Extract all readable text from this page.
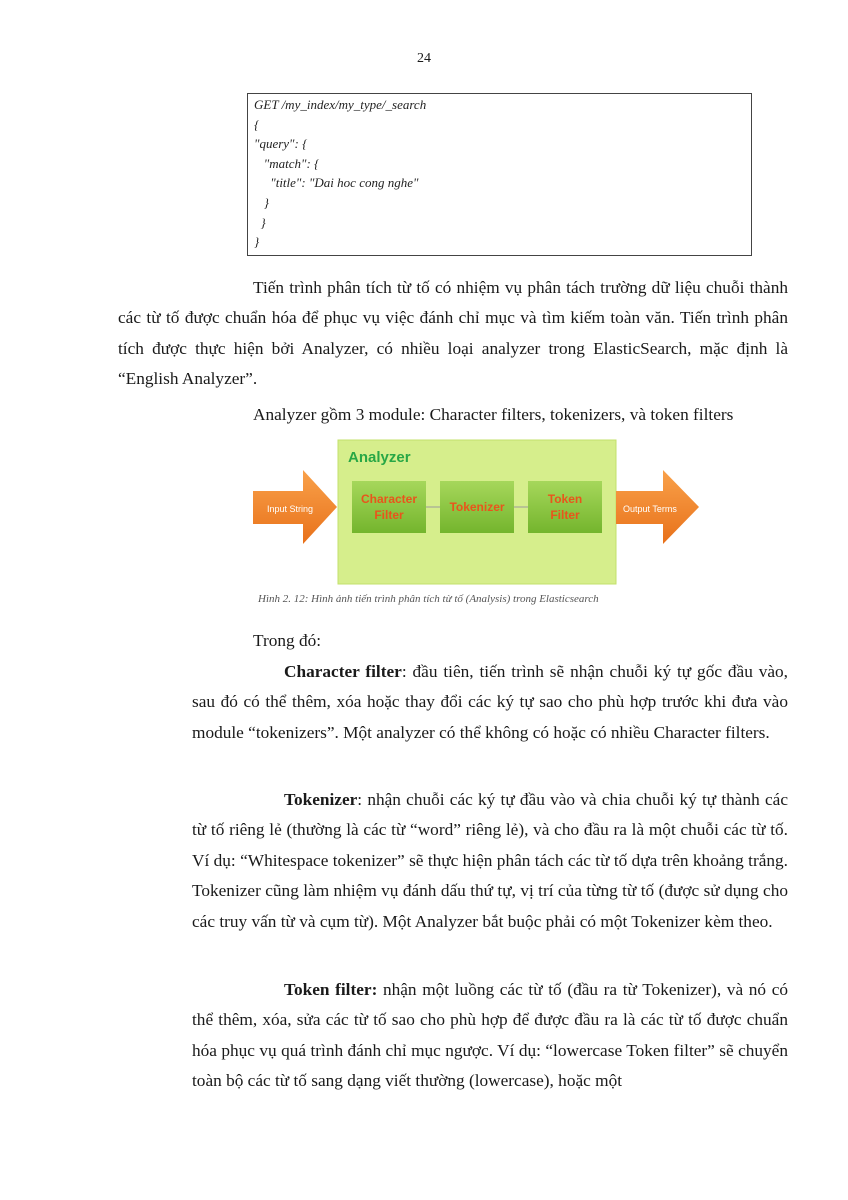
24
GET /my_index/my_type/_search
{
"query": {
"match": {
"title": "Dai hoc cong nghe"
}
}
}

Tiến trình phân tích từ tố có nhiệm vụ phân tách trường dữ liệu chuỗi thành các từ tố được chuẩn hóa để phục vụ việc đánh chỉ mục và tìm kiếm toàn văn. Tiến trình phân tích được thực hiện bởi Analyzer, có nhiều loại analyzer trong ElasticSearch, mặc định là “English Analyzer”.

Analyzer gồm 3 module: Character filters, tokenizers, và token filters

Analyzer
Input String	Output Terms
Character
Filter
Tokenizer
Token
Filter
Hình 2. 12: Hình ảnh tiến trình phân tích từ tố (Analysis) trong Elasticsearch

Trong đó:

Character filter: đầu tiên, tiến trình sẽ nhận chuỗi ký tự gốc đầu vào, sau đó có thể thêm, xóa hoặc thay đổi các ký tự sao cho phù hợp trước khi đưa vào module “tokenizers”. Một analyzer có thể không có hoặc có nhiều Character filters.

Tokenizer: nhận chuỗi các ký tự đầu vào và chia chuỗi ký tự thành các từ tố riêng lẻ (thường là các từ “word” riêng lẻ), và cho đầu ra là một chuỗi các từ tố. Ví dụ: “Whitespace tokenizer” sẽ thực hiện phân tách các từ tố dựa trên khoảng trắng. Tokenizer cũng làm nhiệm vụ đánh dấu thứ tự, vị trí của từng từ tố (được sử dụng cho các truy vấn từ và cụm từ). Một Analyzer bắt buộc phải có một Tokenizer kèm theo.

Token filter: nhận một luồng các từ tố (đầu ra từ Tokenizer), và nó có thể thêm, xóa, sửa các từ tố sao cho phù hợp để được đầu ra là các từ tố được chuẩn hóa phục vụ quá trình đánh chỉ mục ngược. Ví dụ: “lowercase Token filter” sẽ chuyển toàn bộ các từ tố sang dạng viết thường (lowercase), hoặc một
